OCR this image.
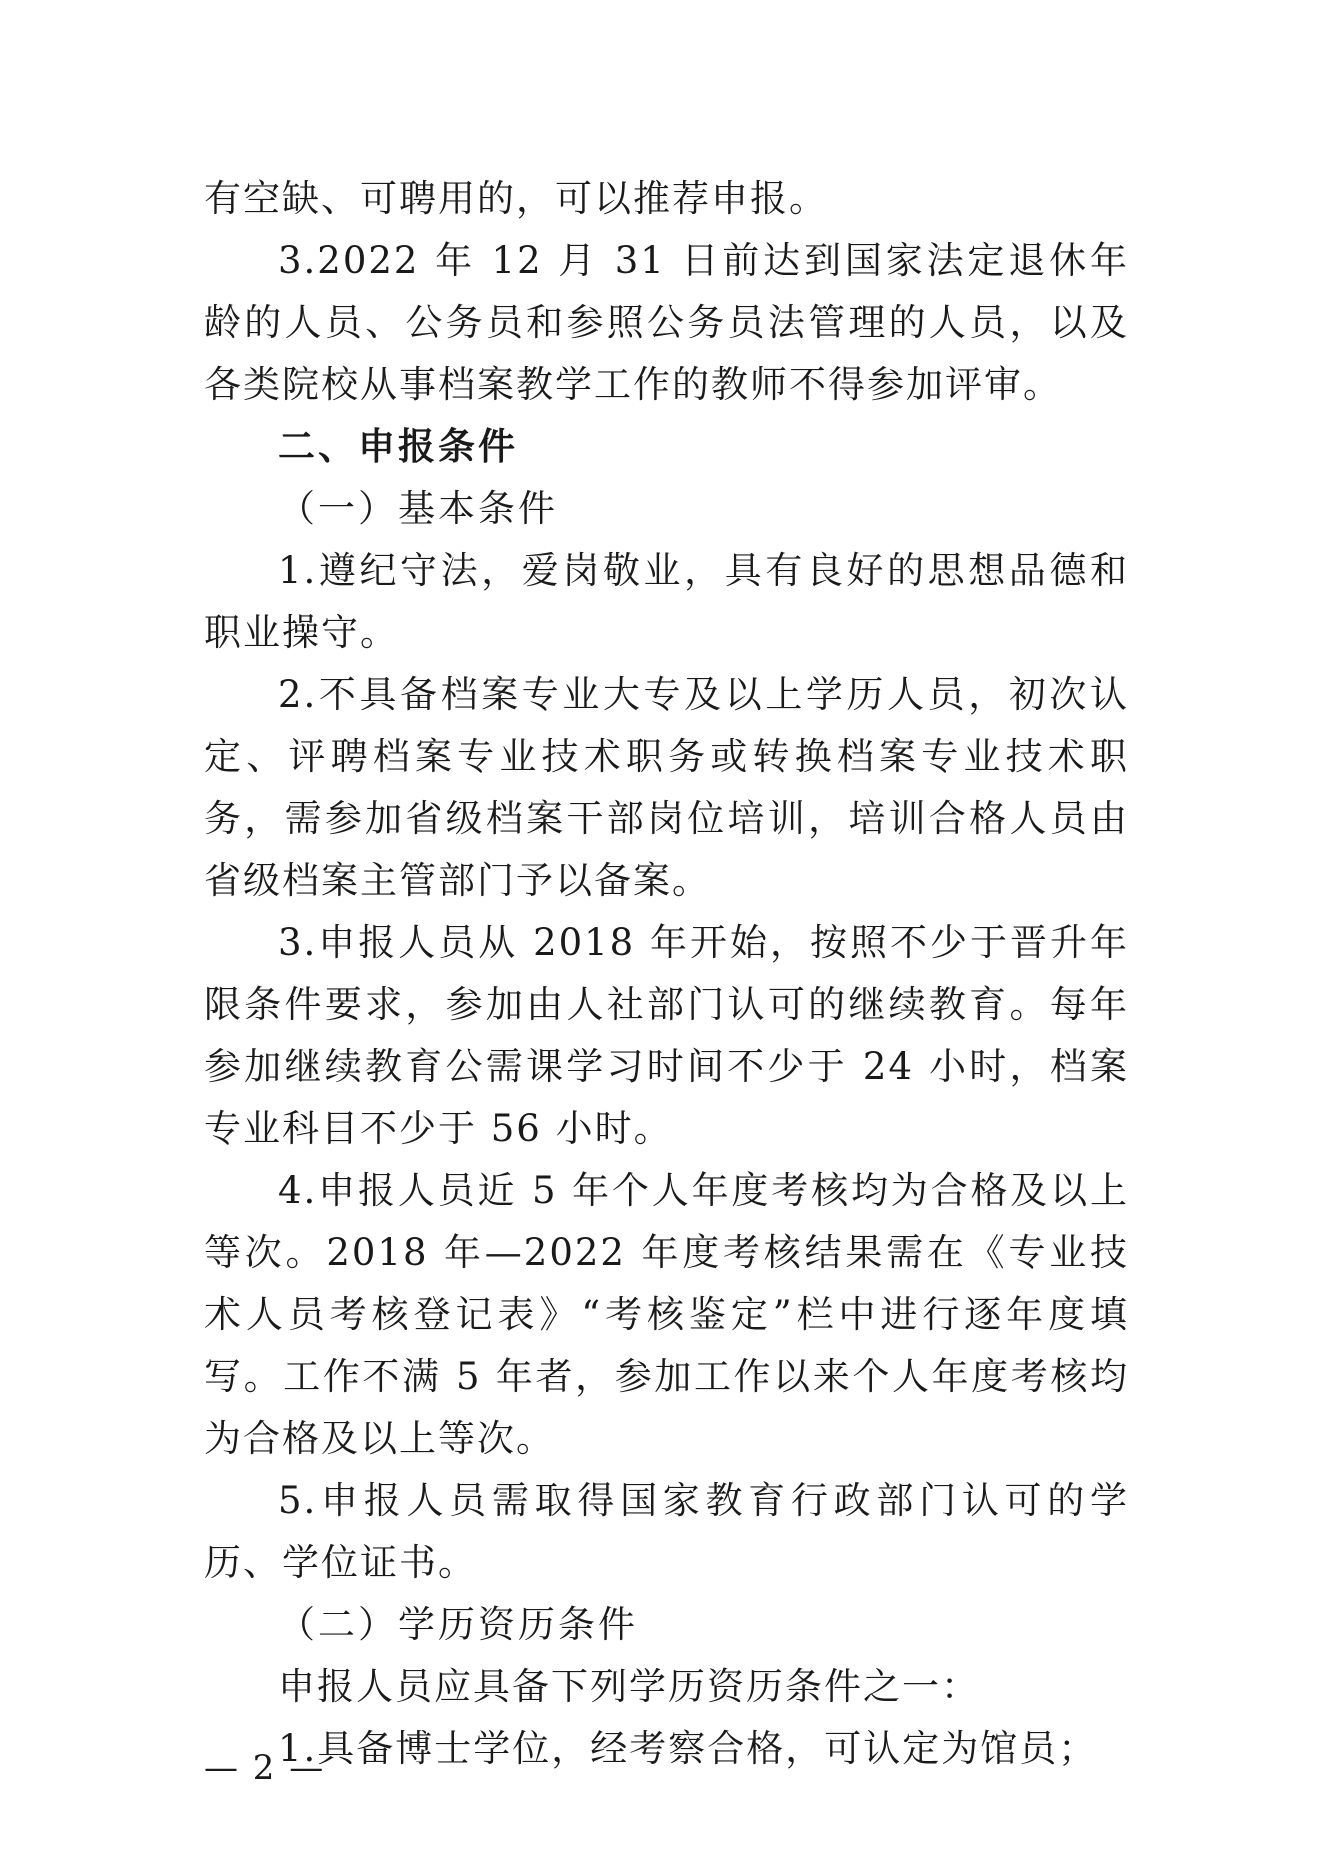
有空缺、可聘用的，可以推荐申报。

3.2022 年 12 月 31 日前达到国家法定退休年龄的人员、公务员和参照公务员法管理的人员，以及各类院校从事档案教学工作的教师不得参加评审。

二、申报条件

（一）基本条件

1.遵纪守法，爱岗敬业，具有良好的思想品德和职业操守。

2.不具备档案专业大专及以上学历人员，初次认定、评聘档案专业技术职务或转换档案专业技术职务，需参加省级档案干部岗位培训，培训合格人员由省级档案主管部门予以备案。

3.申报人员从 2018 年开始，按照不少于晋升年限条件要求，参加由人社部门认可的继续教育。每年参加继续教育公需课学习时间不少于 24 小时，档案专业科目不少于 56 小时。

4.申报人员近 5 年个人年度考核均为合格及以上等次。2018 年—2022 年度考核结果需在《专业技术人员考核登记表》“考核鉴定”栏中进行逐年度填写。工作不满 5 年者，参加工作以来个人年度考核均为合格及以上等次。

5.申报人员需取得国家教育行政部门认可的学历、学位证书。

（二）学历资历条件

申报人员应具备下列学历资历条件之一：

1.具备博士学位，经考察合格，可认定为馆员；

— 2 —
